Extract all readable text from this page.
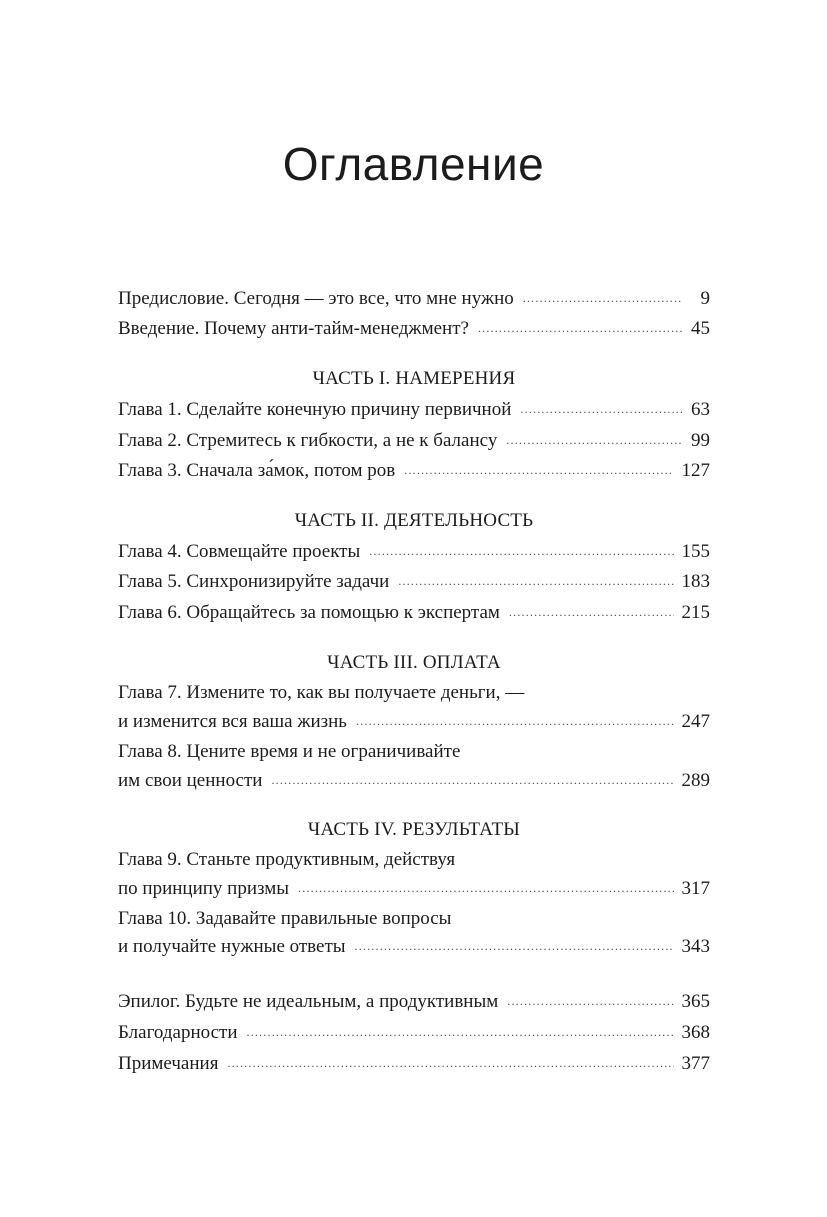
Оглавление
Предисловие. Сегодня — это все, что мне нужно .....	9
Введение. Почему анти-тайм-менеджмент? .....	45
ЧАСТЬ I. НАМЕРЕНИЯ
Глава 1. Сделайте конечную причину первичной .....	63
Глава 2. Стремитесь к гибкости, а не к балансу .....	99
Глава 3. Сначала за́мок, потом ров .....	127
ЧАСТЬ II. ДЕЯТЕЛЬНОСТЬ
Глава 4. Совмещайте проекты .....	155
Глава 5. Синхронизируйте задачи .....	183
Глава 6. Обращайтесь за помощью к экспертам .....	215
ЧАСТЬ III. ОПЛАТА
Глава 7. Измените то, как вы получаете деньги, —
и изменится вся ваша жизнь .....	247
Глава 8. Цените время и не ограничивайте
им свои ценности .....	289
ЧАСТЬ IV. РЕЗУЛЬТАТЫ
Глава 9. Станьте продуктивным, действуя
по принципу призмы .....	317
Глава 10. Задавайте правильные вопросы
и получайте нужные ответы .....	343
Эпилог. Будьте не идеальным, а продуктивным .....	365
Благодарности .....	368
Примечания .....	377
